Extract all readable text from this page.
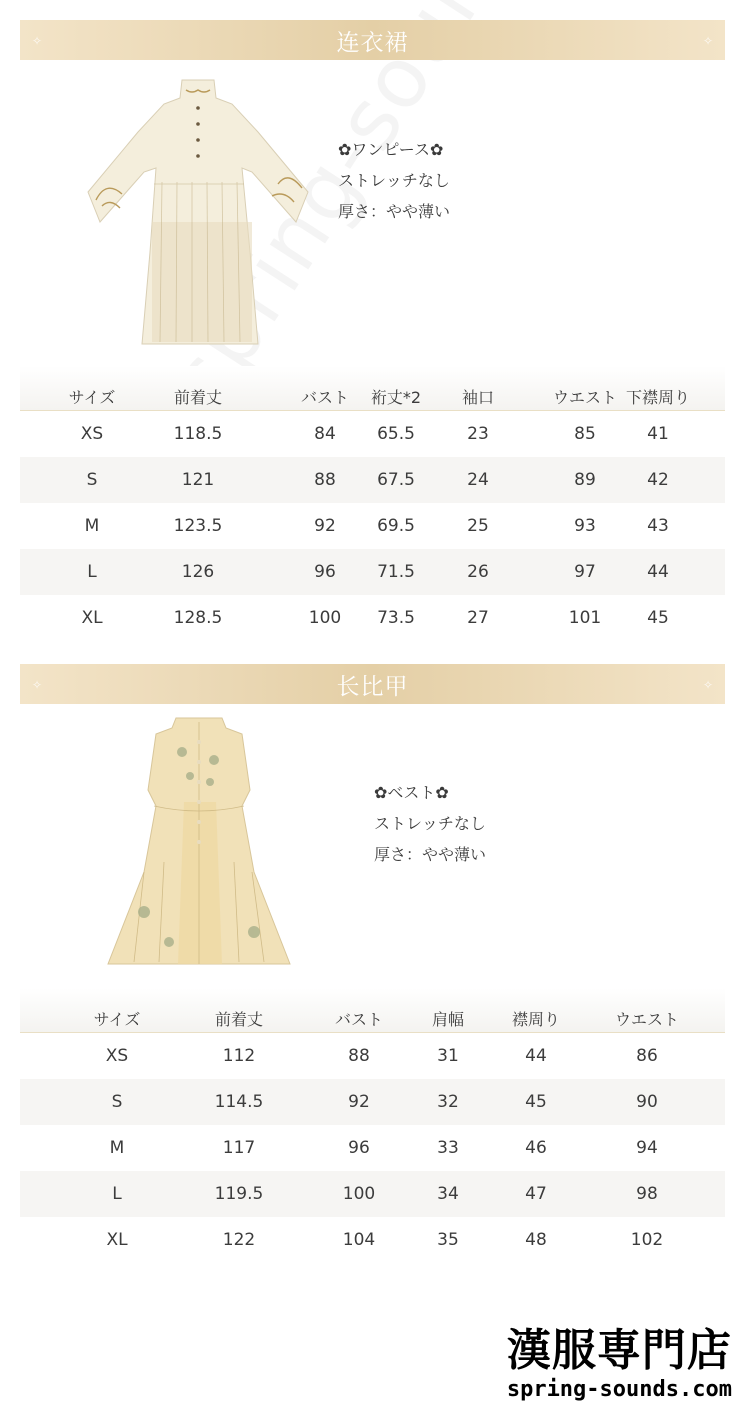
✧	连衣裙	✧
✿ワンピース✿
ストレッチなし
厚さ：やや薄い
サイズ	前着丈	バスト 裄丈*2	袖口	ウエスト 下襟周り
XS	118.5	84 65.5	23	85	41
S	121	88 67.5	24	89	42
M	123.5	92 69.5	25	93	43
L	126	96 71.5	26	97	44
XL	128.5	100 73.5	27	101	45
✧	长比甲	✧
✿ベスト✿
ストレッチなし
厚さ：やや薄い
サイズ	前着丈	バスト	肩幅	襟周り	ウエスト
XS	112	88	31	44	86
S	114.5	92	32	45	90
M	117	96	33	46	94
L	119.5	100	34	47	98
XL	122	104	35	48	102
漢服専門店
spring-sounds.com
